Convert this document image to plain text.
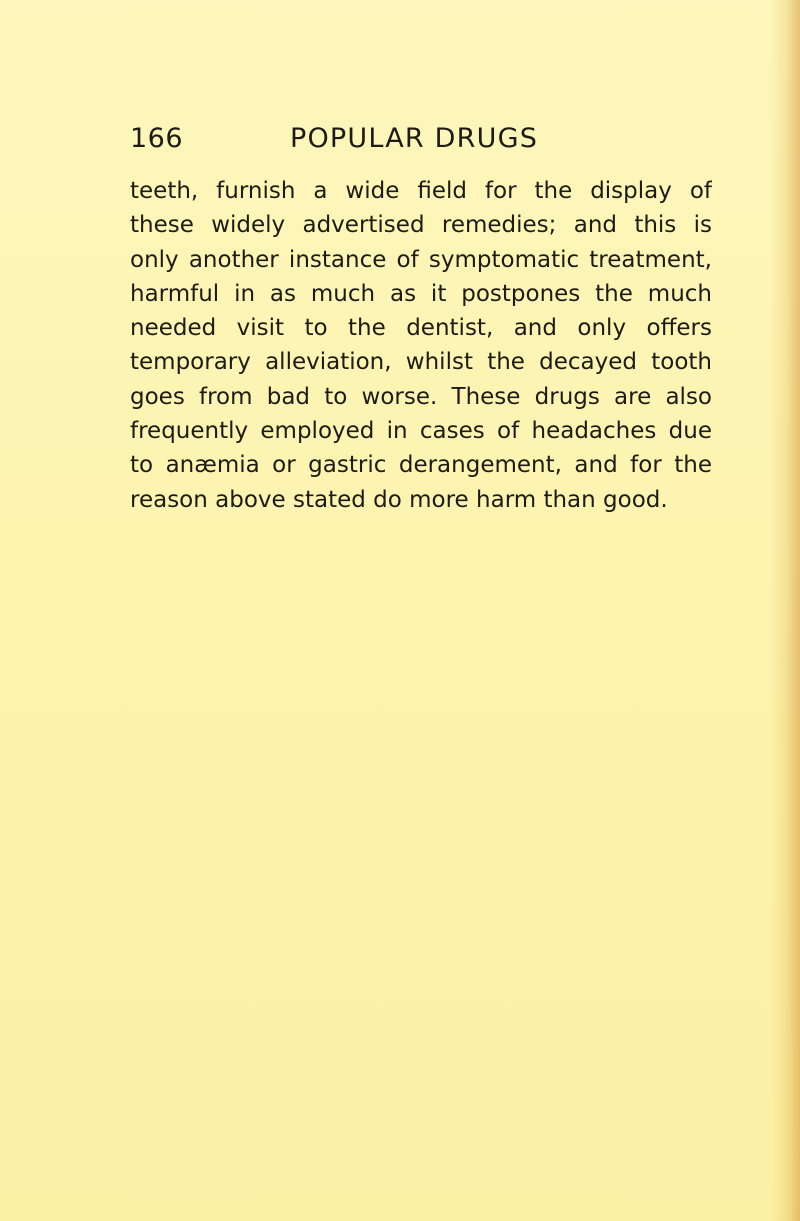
166	POPULAR DRUGS
teeth, furnish a wide field for the display of
these widely advertised remedies; and this is
only another instance of symptomatic treatment,
harmful in as much as it postpones the much
needed visit to the dentist, and only offers
temporary alleviation, whilst the decayed tooth
goes from bad to worse. These drugs are also
frequently employed in cases of headaches due
to anæmia or gastric derangement, and for the
reason above stated do more harm than good.
